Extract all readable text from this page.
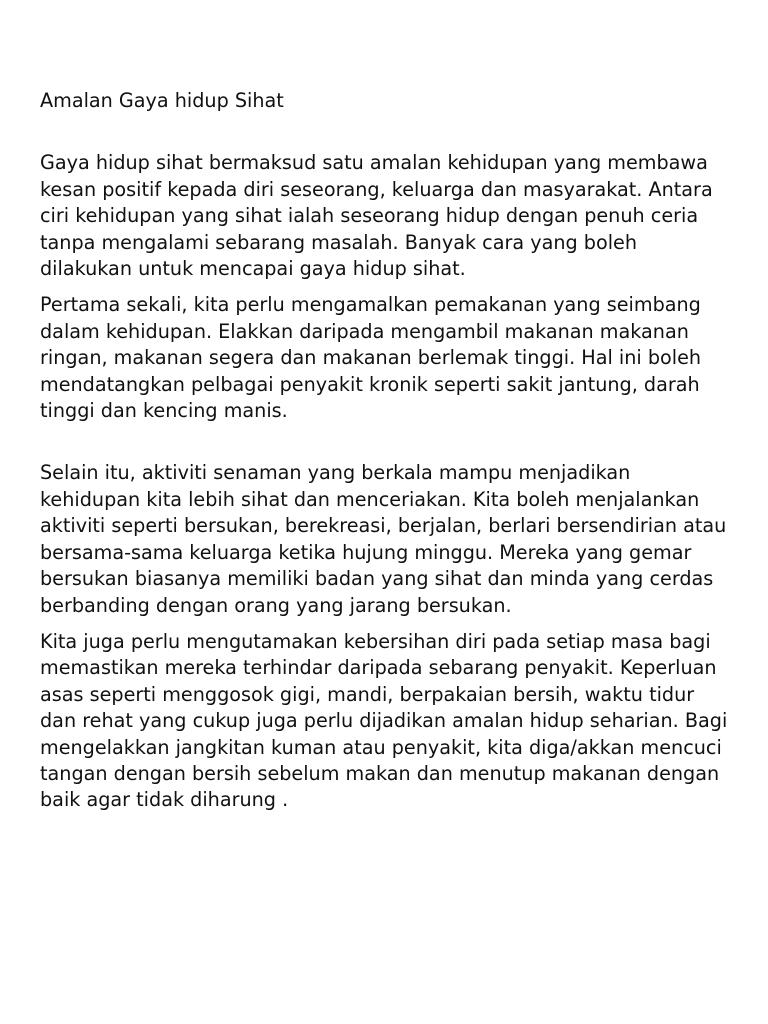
Amalan Gaya hidup Sihat

Gaya hidup sihat bermaksud satu amalan kehidupan yang membawa kesan positif kepada diri seseorang, keluarga dan masyarakat. Antara ciri kehidupan yang sihat ialah seseorang hidup dengan penuh ceria tanpa mengalami sebarang masalah. Banyak cara yang boleh dilakukan untuk mencapai gaya hidup sihat.

Pertama sekali, kita perlu mengamalkan pemakanan yang seimbang dalam kehidupan. Elakkan daripada mengambil makanan makanan ringan, makanan segera dan makanan berlemak tinggi. Hal ini boleh mendatangkan pelbagai penyakit kronik seperti sakit jantung, darah tinggi dan kencing manis.

Selain itu, aktiviti senaman yang berkala mampu menjadikan kehidupan kita lebih sihat dan menceriakan. Kita boleh menjalankan aktiviti seperti bersukan, berekreasi, berjalan, berlari bersendirian atau bersama-sama keluarga ketika hujung minggu. Mereka yang gemar bersukan biasanya memiliki badan yang sihat dan minda yang cerdas berbanding dengan orang yang jarang bersukan.

Kita juga perlu mengutamakan kebersihan diri pada setiap masa bagi memastikan mereka terhindar daripada sebarang penyakit. Keperluan asas seperti menggosok gigi, mandi, berpakaian bersih, waktu tidur dan rehat yang cukup juga perlu dijadikan amalan hidup seharian. Bagi mengelakkan jangkitan kuman atau penyakit, kita diga/akkan mencuci tangan dengan bersih sebelum makan dan menutup makanan dengan baik agar tidak diharung .
